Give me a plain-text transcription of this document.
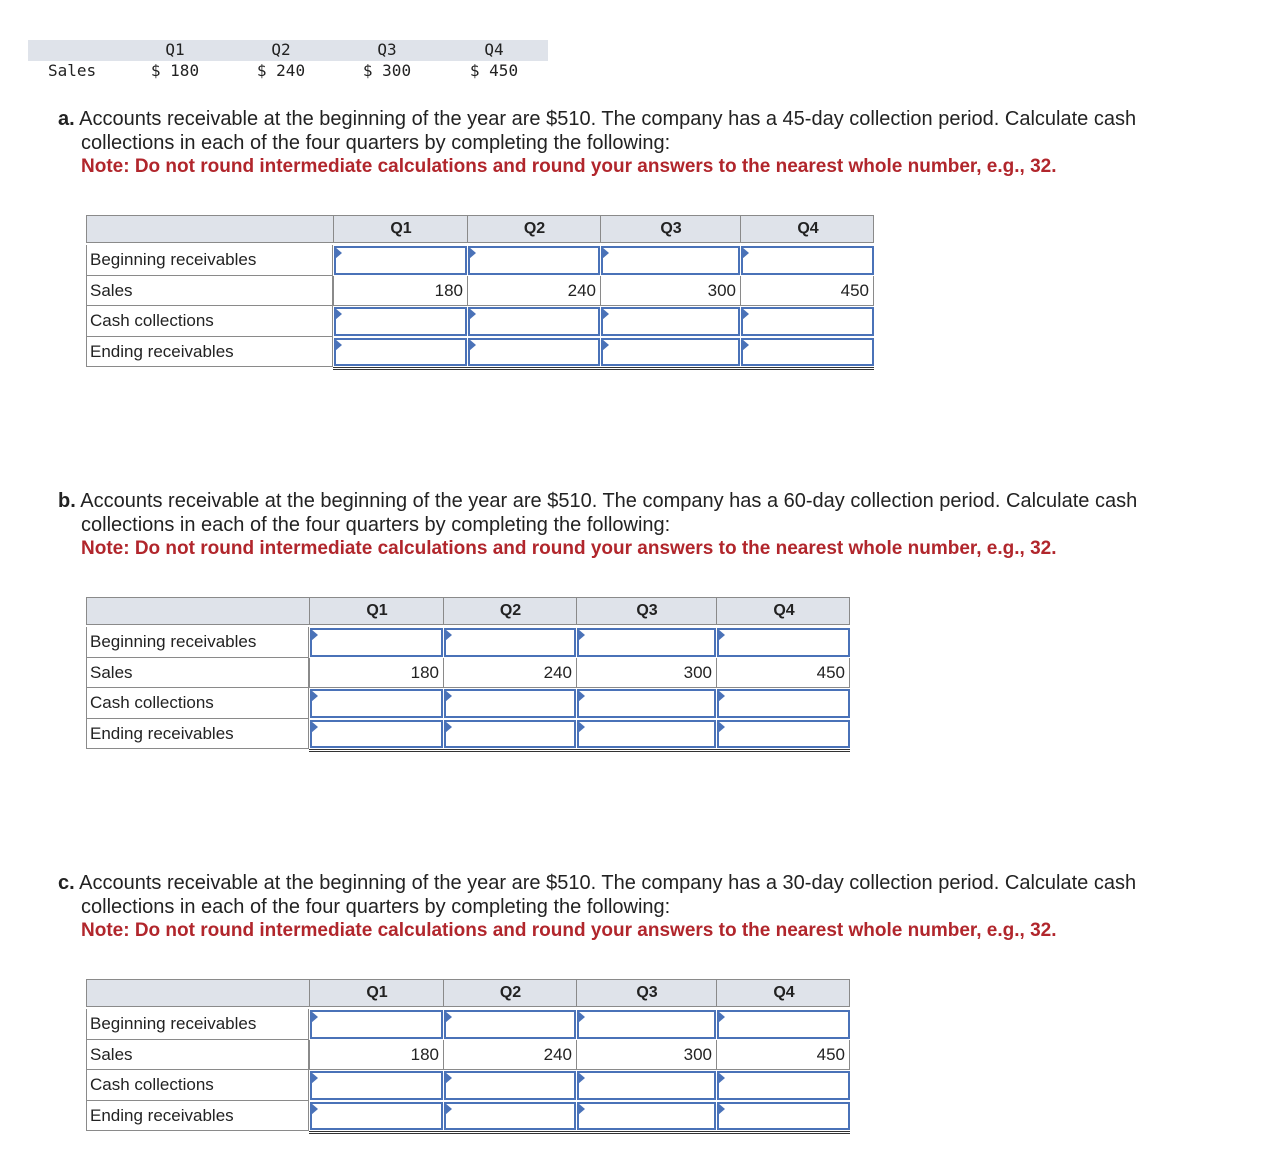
Q1	Q2	Q3	Q4
Sales	$ 180	$ 240	$ 300	$ 450
a. Accounts receivable at the beginning of the year are $510. The company has a 45-day collection period. Calculate cash
collections in each of the four quarters by completing the following:
Note: Do not round intermediate calculations and round your answers to the nearest whole number, e.g., 32.
b. Accounts receivable at the beginning of the year are $510. The company has a 60-day collection period. Calculate cash
collections in each of the four quarters by completing the following:
Note: Do not round intermediate calculations and round your answers to the nearest whole number, e.g., 32.
c. Accounts receivable at the beginning of the year are $510. The company has a 30-day collection period. Calculate cash
collections in each of the four quarters by completing the following:
Note: Do not round intermediate calculations and round your answers to the nearest whole number, e.g., 32.
Q1	Q2	Q3	Q4
Beginning receivables
Sales	180	240	300	450
Cash collections
Ending receivables
Q1	Q2	Q3	Q4
Beginning receivables
Sales	180	240	300	450
Cash collections
Ending receivables
Q1	Q2	Q3	Q4
Beginning receivables
Sales	180	240	300	450
Cash collections
Ending receivables
